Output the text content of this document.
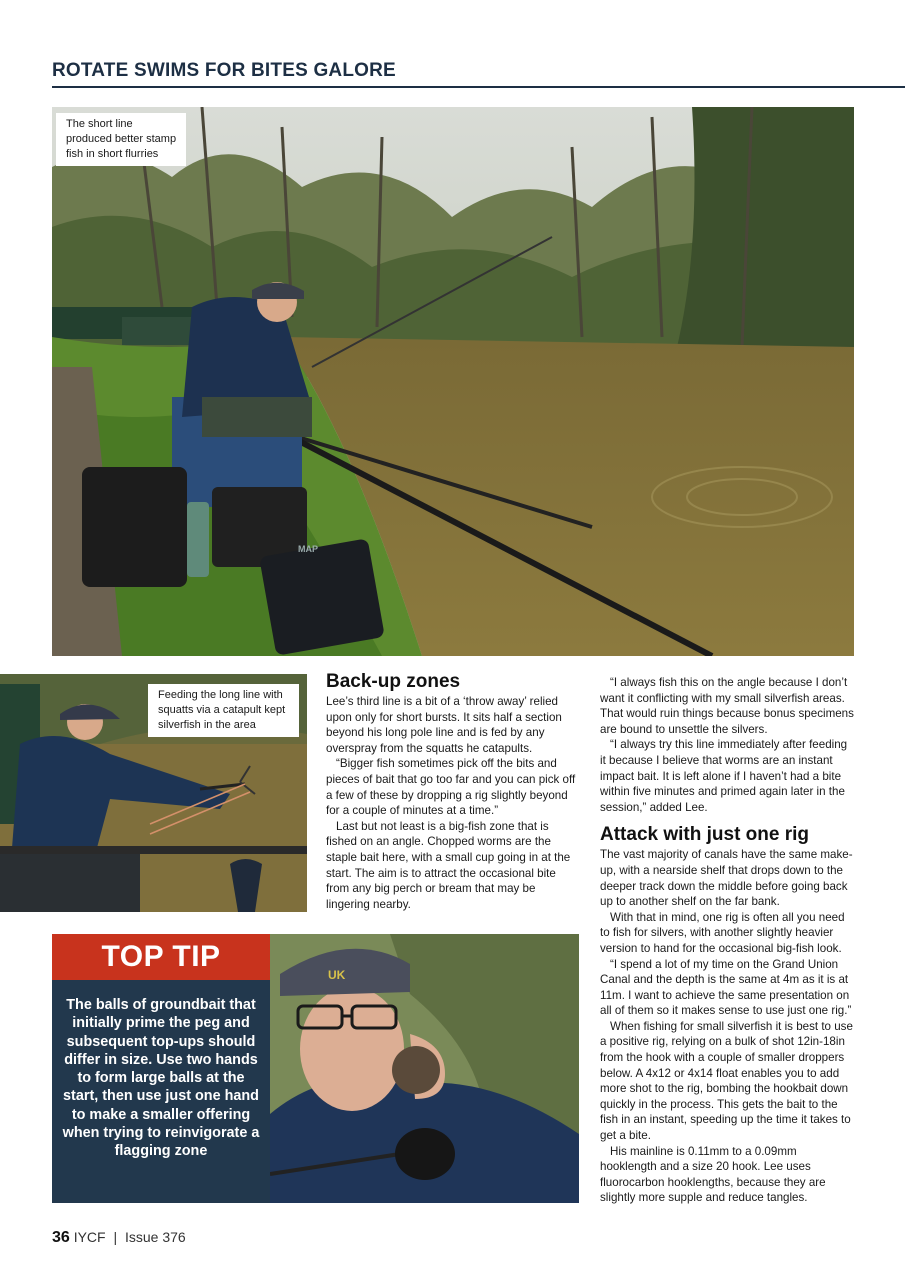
ROTATE SWIMS FOR BITES GALORE
MAP
The short line produced better stamp fish in short flurries
Feeding the long line with squatts via a catapult kept silverfish in the area
Back-up zones

Lee’s third line is a bit of a ‘throw away’ relied upon only for short bursts. It sits half a section beyond his long pole line and is fed by any overspray from the squatts he catapults.

“Bigger fish sometimes pick off the bits and pieces of bait that go too far and you can pick off a few of these by dropping a rig slightly beyond for a couple of minutes at a time.”

Last but not least is a big-fish zone that is fished on an angle. Chopped worms are the staple bait here, with a small cup going in at the start. The aim is to attract the occasional bite from any big perch or bream that may be lingering nearby.

“I always fish this on the angle because I don’t want it conflicting with my small silverfish areas. That would ruin things because bonus specimens are bound to unsettle the silvers.

“I always try this line immediately after feeding it because I believe that worms are an instant impact bait. It is left alone if I haven’t had a bite within five minutes and primed again later in the session,” added Lee.

Attack with just one rig

The vast majority of canals have the same make-up, with a nearside shelf that drops down to the deeper track down the middle before going back up to another shelf on the far bank.

With that in mind, one rig is often all you need to fish for silvers, with another slightly heavier version to hand for the occasional big-fish look.

“I spend a lot of my time on the Grand Union Canal and the depth is the same at 4m as it is at 11m. I want to achieve the same presentation on all of them so it makes sense to use just one rig.”

When fishing for small silverfish it is best to use a positive rig, relying on a bulk of shot 12in-18in from the hook with a couple of smaller droppers below. A 4x12 or 4x14 float enables you to add more shot to the rig, bombing the hookbait down quickly in the process. This gets the bait to the fish in an instant, speeding up the time it takes to get a bite.

His mainline is 0.11mm to a 0.09mm hooklength and a size 20 hook. Lee uses fluorocarbon hooklengths, because they are slightly more supple and reduce tangles.

TOP TIP
The balls of groundbait that initially prime the peg and subsequent top-ups should differ in size. Use two hands to form large balls at the start, then use just one hand to make a smaller offering when trying to reinvigorate a flagging zone
UK
36 IYCF | Issue 376
